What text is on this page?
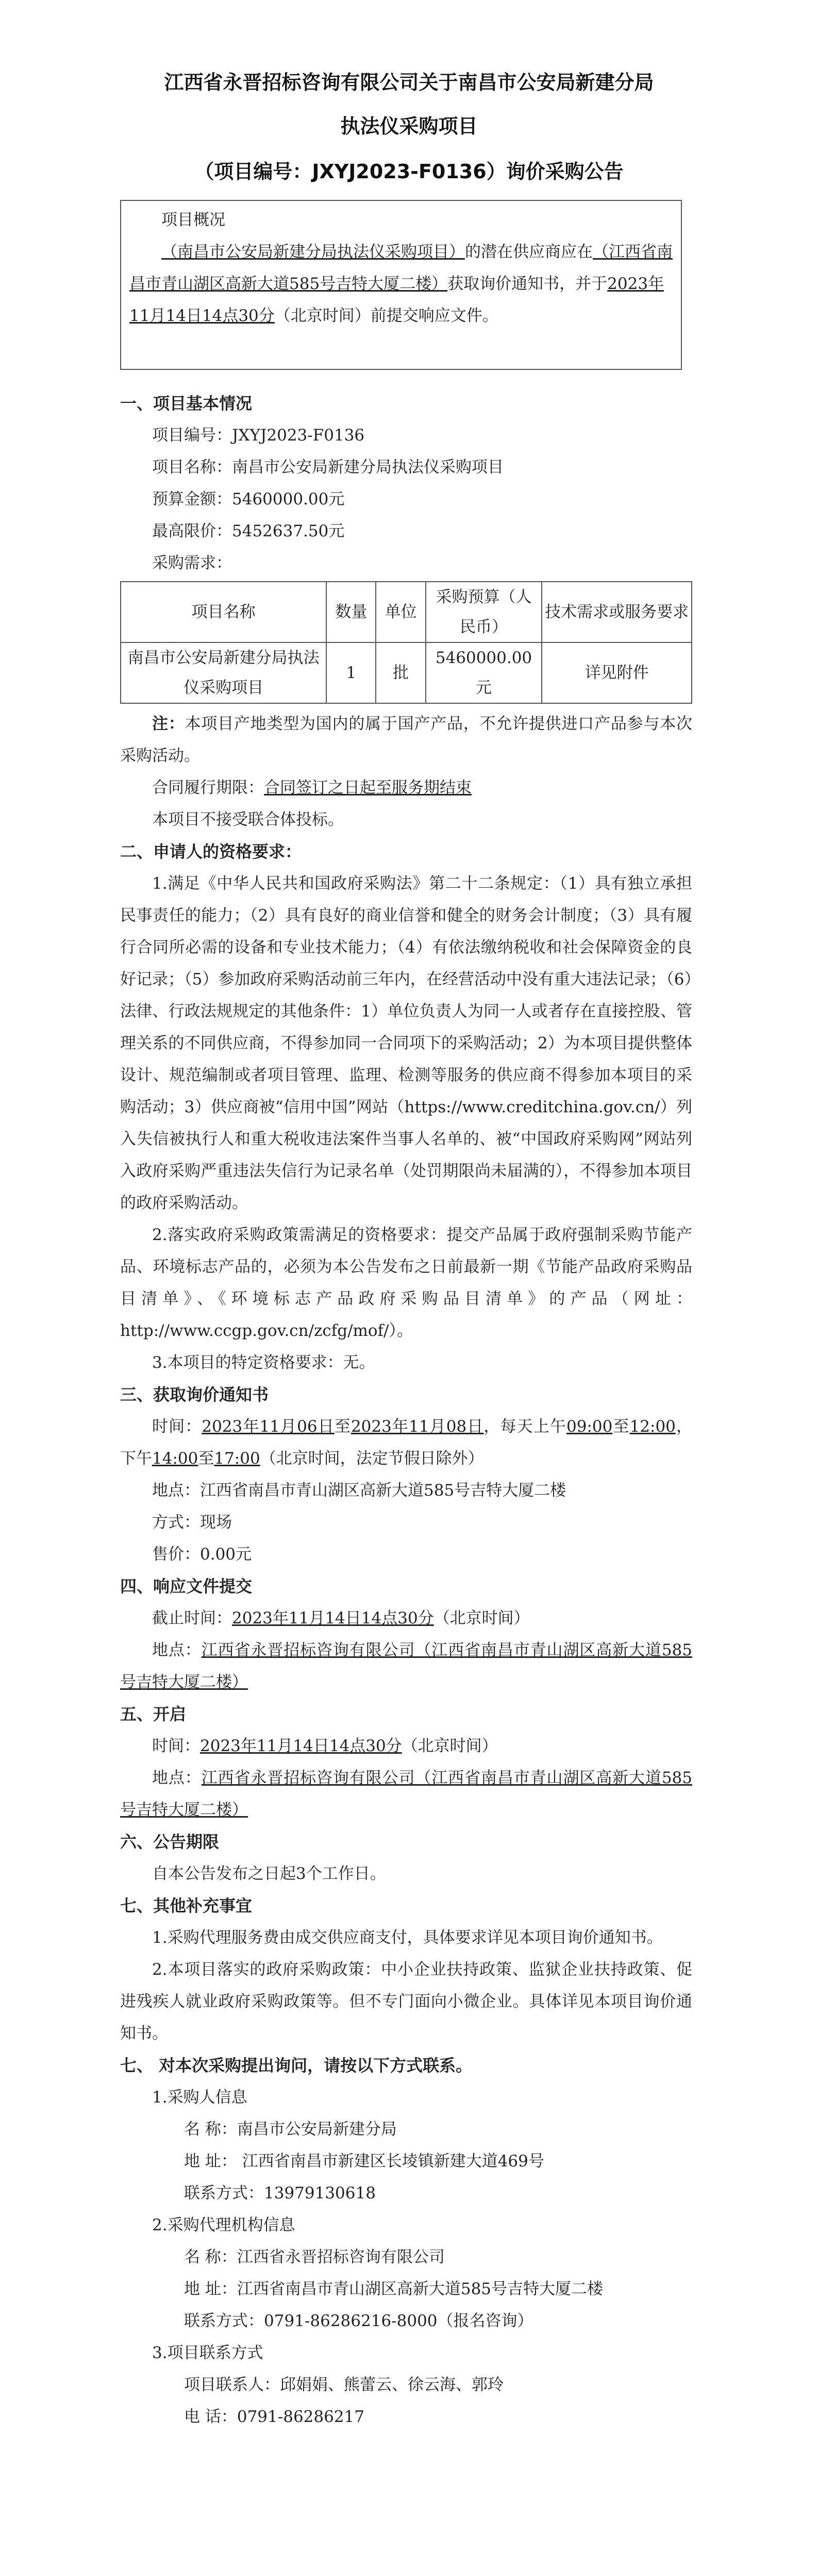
江西省永晋招标咨询有限公司关于南昌市公安局新建分局
执法仪采购项目
（项目编号：JXYJ2023-F0136）询价采购公告

项目概况

（南昌市公安局新建分局执法仪采购项目）的潜在供应商应在（江西省南昌市青山湖区高新大道585号吉特大厦二楼）获取询价通知书，并于2023年11月14日14点30分（北京时间）前提交响应文件。

一、项目基本情况

项目编号：JXYJ2023-F0136

项目名称：南昌市公安局新建分局执法仪采购项目

预算金额：5460000.00元

最高限价：5452637.50元

采购需求：

项目名称	数量	单位	采购预算（人民币）	技术需求或服务要求
南昌市公安局新建分局执法仪采购项目	1	批	5460000.00元	详见附件

注：本项目产地类型为国内的属于国产产品，不允许提供进口产品参与本次采购活动。

合同履行期限：合同签订之日起至服务期结束

本项目不接受联合体投标。

二、申请人的资格要求：

1.满足《中华人民共和国政府采购法》第二十二条规定：（1）具有独立承担民事责任的能力；（2）具有良好的商业信誉和健全的财务会计制度；（3）具有履行合同所必需的设备和专业技术能力；（4）有依法缴纳税收和社会保障资金的良好记录；（5）参加政府采购活动前三年内，在经营活动中没有重大违法记录；（6）法律、行政法规规定的其他条件：1）单位负责人为同一人或者存在直接控股、管理关系的不同供应商，不得参加同一合同项下的采购活动；2）为本项目提供整体设计、规范编制或者项目管理、监理、检测等服务的供应商不得参加本项目的采购活动；3）供应商被“信用中国”网站（https://www.creditchina.gov.cn/）列入失信被执行人和重大税收违法案件当事人名单的、被“中国政府采购网”网站列入政府采购严重违法失信行为记录名单（处罚期限尚未届满的），不得参加本项目的政府采购活动。

2.落实政府采购政策需满足的资格要求：提交产品属于政府强制采购节能产品、环境标志产品的，必须为本公告发布之日前最新一期《节能产品政府采购品目清单》、《环境标志产品政府采购品目清单》的产品（网址：http://www.ccgp.gov.cn/zcfg/mof/）。

3.本项目的特定资格要求：无。

三、获取询价通知书

时间：2023年11月06日至2023年11月08日，每天上午09:00至12:00，下午14:00至17:00（北京时间，法定节假日除外）

地点：江西省南昌市青山湖区高新大道585号吉特大厦二楼

方式：现场

售价：0.00元

四、响应文件提交

截止时间：2023年11月14日14点30分（北京时间）

地点：江西省永晋招标咨询有限公司（江西省南昌市青山湖区高新大道585号吉特大厦二楼）

五、开启

时间：2023年11月14日14点30分（北京时间）

地点：江西省永晋招标咨询有限公司（江西省南昌市青山湖区高新大道585号吉特大厦二楼）

六、公告期限

自本公告发布之日起3个工作日。

七、其他补充事宜

1.采购代理服务费由成交供应商支付，具体要求详见本项目询价通知书。

2.本项目落实的政府采购政策：中小企业扶持政策、监狱企业扶持政策、促进残疾人就业政府采购政策等。但不专门面向小微企业。具体详见本项目询价通知书。

七、 对本次采购提出询问，请按以下方式联系。

1.采购人信息

名 称：南昌市公安局新建分局

地 址： 江西省南昌市新建区长堎镇新建大道469号

联系方式：13979130618

2.采购代理机构信息

名 称：江西省永晋招标咨询有限公司

地 址：江西省南昌市青山湖区高新大道585号吉特大厦二楼

联系方式：0791-86286216-8000（报名咨询）

3.项目联系方式

项目联系人：邱娟娟、熊蕾云、徐云海、郭玲

电 话：0791-86286217
